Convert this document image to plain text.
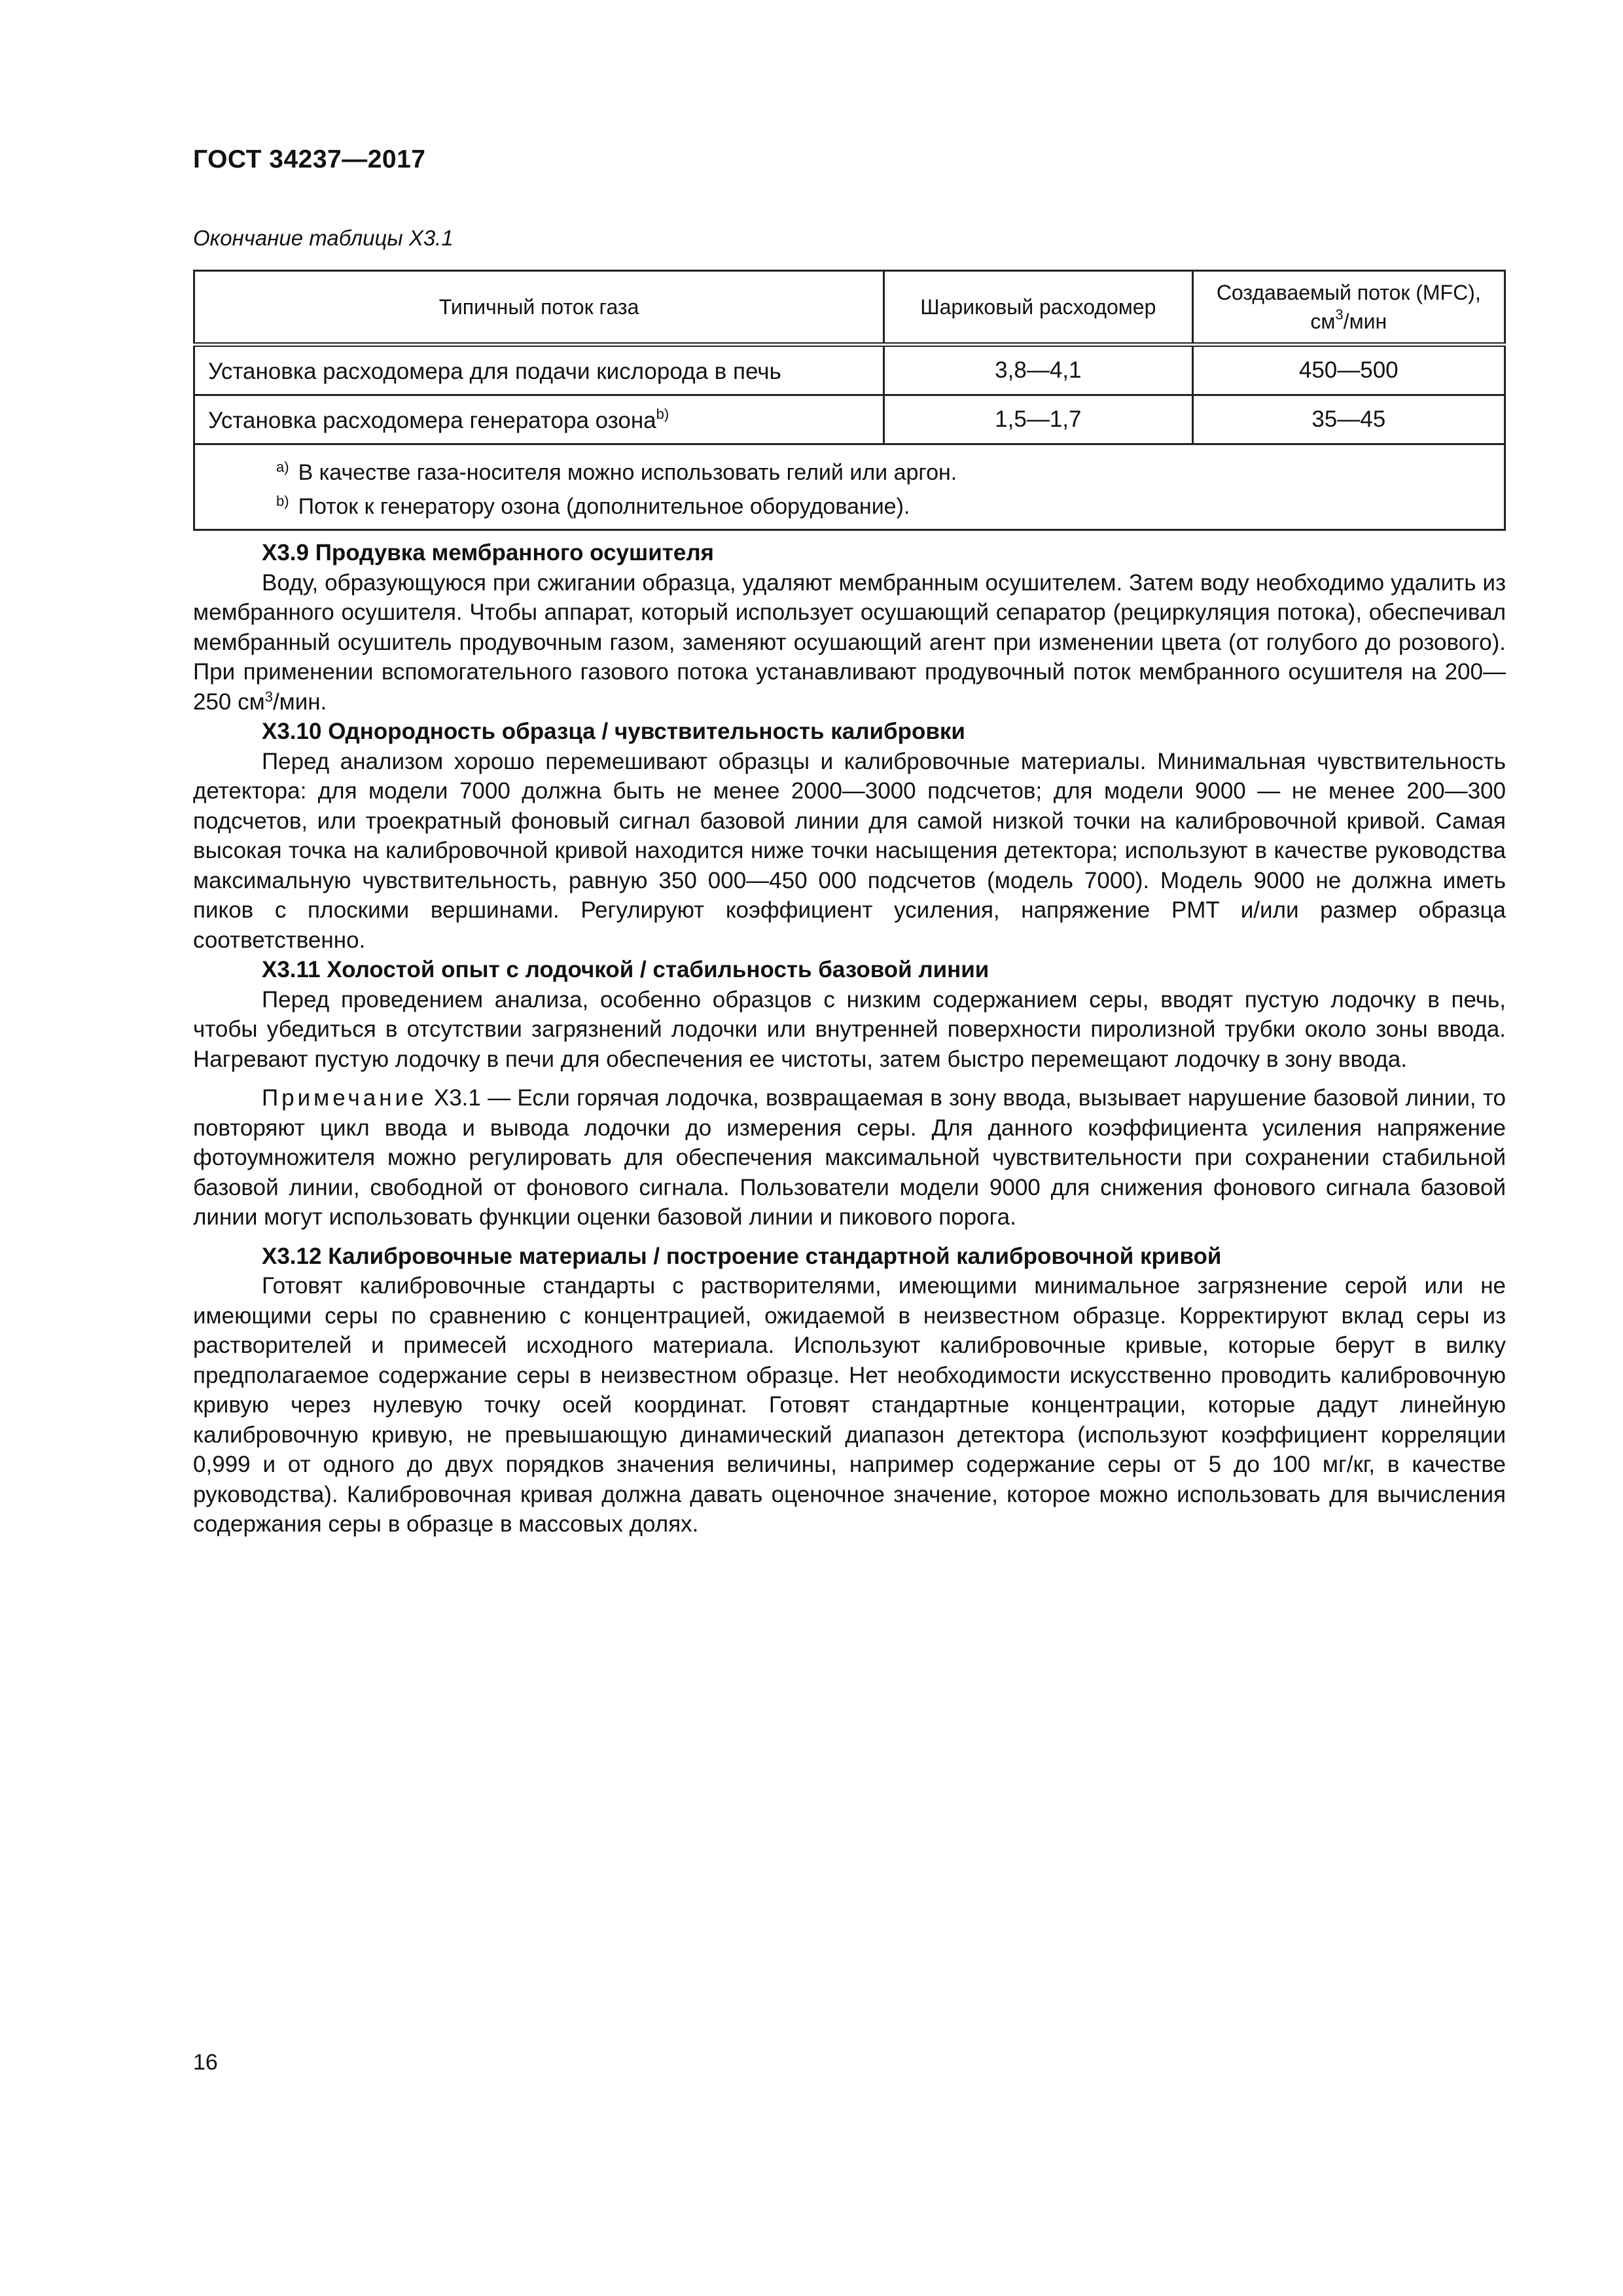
ГОСТ 34237—2017
Окончание таблицы Х3.1
Типичный поток газа	Шариковый расходомер	Создаваемый поток (MFC),
$см^3$/мин
Установка расходомера для подачи кислорода в печь	3,8—4,1	450—500
Установка расходомера генератора озона$^{b)}$	1,5—1,7	35—45

$^{a)}$ В качестве газа-носителя можно использовать гелий или аргон.
$^{b)}$ Поток к генератору озона (дополнительное оборудование).		
Х3.9 Продувка мембранного осушителя

Воду, образующуюся при сжигании образца, удаляют мембранным осушителем. Затем воду необходимо удалить из мембранного осушителя. Чтобы аппарат, который использует осушающий сепаратор (рециркуляция потока), обеспечивал мембранный осушитель продувочным газом, заменяют осушающий агент при изменении цвета (от голубого до розового). При применении вспомогательного газового потока устанавливают продувочный поток мембранного осушителя на 200—250 $см^3$/мин.

Х3.10 Однородность образца / чувствительность калибровки

Перед анализом хорошо перемешивают образцы и калибровочные материалы. Минимальная чувствительность детектора: для модели 7000 должна быть не менее 2000—3000 подсчетов; для модели 9000 — не менее 200—300 подсчетов, или троекратный фоновый сигнал базовой линии для самой низкой точки на калибровочной кривой. Самая высокая точка на калибровочной кривой находится ниже точки насыщения детектора; используют в качестве руководства максимальную чувствительность, равную 350 000—450 000 подсчетов (модель 7000). Модель 9000 не должна иметь пиков с плоскими вершинами. Регулируют коэффициент усиления, напряжение PMT и/или размер образца соответственно.

Х3.11 Холостой опыт с лодочкой / стабильность базовой линии

Перед проведением анализа, особенно образцов с низким содержанием серы, вводят пустую лодочку в печь, чтобы убедиться в отсутствии загрязнений лодочки или внутренней поверхности пиролизной трубки около зоны ввода. Нагревают пустую лодочку в печи для обеспечения ее чистоты, затем быстро перемещают лодочку в зону ввода.

Примечание Х3.1 — Если горячая лодочка, возвращаемая в зону ввода, вызывает нарушение базовой линии, то повторяют цикл ввода и вывода лодочки до измерения серы. Для данного коэффициента усиления напряжение фотоумножителя можно регулировать для обеспечения максимальной чувствительности при сохранении стабильной базовой линии, свободной от фонового сигнала. Пользователи модели 9000 для снижения фонового сигнала базовой линии могут использовать функции оценки базовой линии и пикового порога.

Х3.12 Калибровочные материалы / построение стандартной калибровочной кривой

Готовят калибровочные стандарты с растворителями, имеющими минимальное загрязнение серой или не имеющими серы по сравнению с концентрацией, ожидаемой в неизвестном образце. Корректируют вклад серы из растворителей и примесей исходного материала. Используют калибровочные кривые, которые берут в вилку предполагаемое содержание серы в неизвестном образце. Нет необходимости искусственно проводить калибровочную кривую через нулевую точку осей координат. Готовят стандартные концентрации, которые дадут линейную калибровочную кривую, не превышающую динамический диапазон детектора (используют коэффициент корреляции 0,999 и от одного до двух порядков значения величины, например содержание серы от 5 до 100 мг/кг, в качестве руководства). Калибровочная кривая должна давать оценочное значение, которое можно использовать для вычисления содержания серы в образце в массовых долях.

16
